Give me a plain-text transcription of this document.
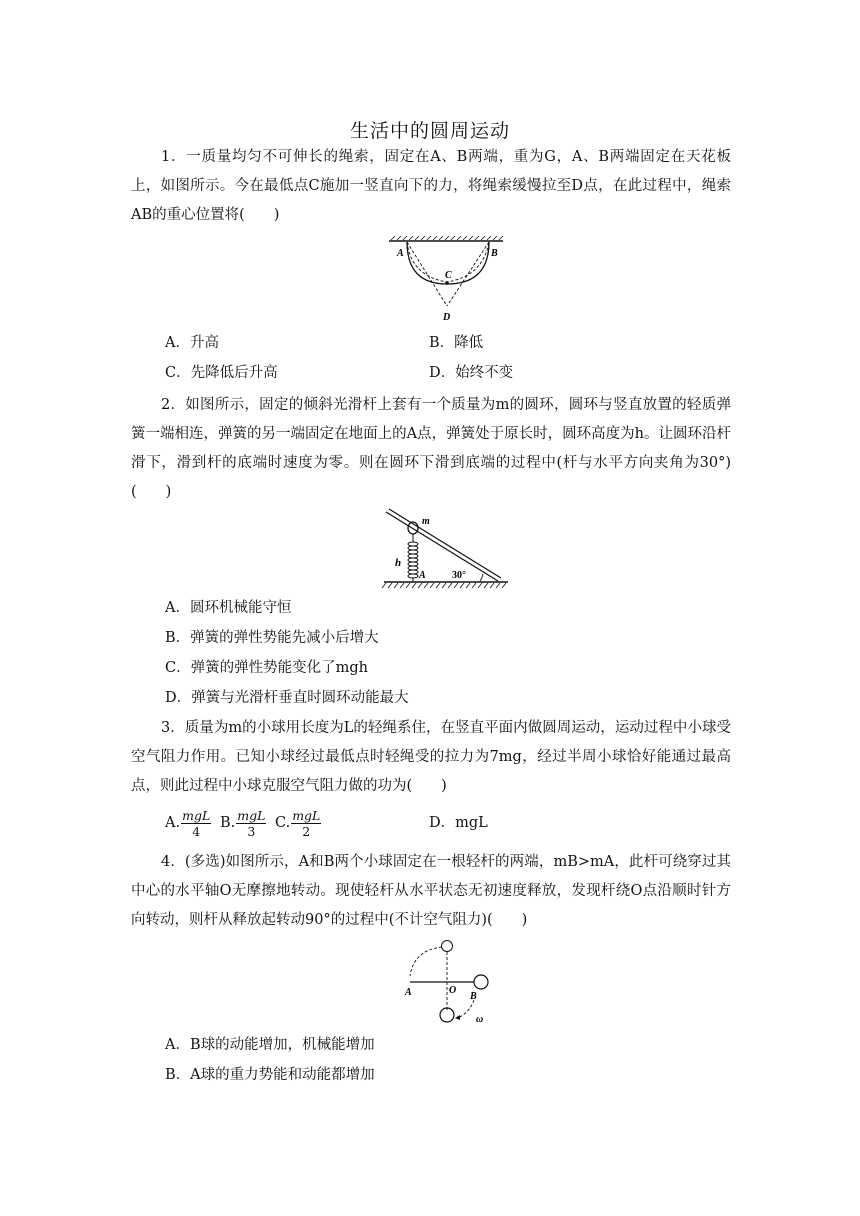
生活中的圆周运动
1．一质量均匀不可伸长的绳索，固定在A、B两端，重为G，A、B两端固定在天花板上，如图所示。今在最低点C施加一竖直向下的力，将绳索缓慢拉至D点，在此过程中，绳索AB的重心位置将(　　)
A	B
C
D
A．升高	B．降低
C．先降低后升高	D．始终不变
2．如图所示，固定的倾斜光滑杆上套有一个质量为m的圆环，圆环与竖直放置的轻质弹簧一端相连，弹簧的另一端固定在地面上的A点，弹簧处于原长时，圆环高度为h。让圆环沿杆滑下，滑到杆的底端时速度为零。则在圆环下滑到底端的过程中(杆与水平方向夹角为30°)(　　)
m
h
A	30°
A．圆环机械能守恒
B．弹簧的弹性势能先减小后增大
C．弹簧的弹性势能变化了mgh
D．弹簧与光滑杆垂直时圆环动能最大
3．质量为m的小球用长度为L的轻绳系住，在竖直平面内做圆周运动，运动过程中小球受空气阻力作用。已知小球经过最低点时轻绳受的拉力为7mg，经过半周小球恰好能通过最高点，则此过程中小球克服空气阻力做的功为(　　)
A. $\frac{\text{mgL}}{4} B$. $\frac{\text{mgL}}{3} C$. $\frac{\text{mgL}}{2}$	D．mgL
4．(多选)如图所示，A和B两个小球固定在一根轻杆的两端，mB>mA，此杆可绕穿过其中心的水平轴O无摩擦地转动。现使轻杆从水平状态无初速度释放，发现杆绕O点沿顺时针方向转动，则杆从释放起转动90°的过程中(不计空气阻力)(　　)
A	O
B
ω
A．B球的动能增加，机械能增加
B．A球的重力势能和动能都增加
